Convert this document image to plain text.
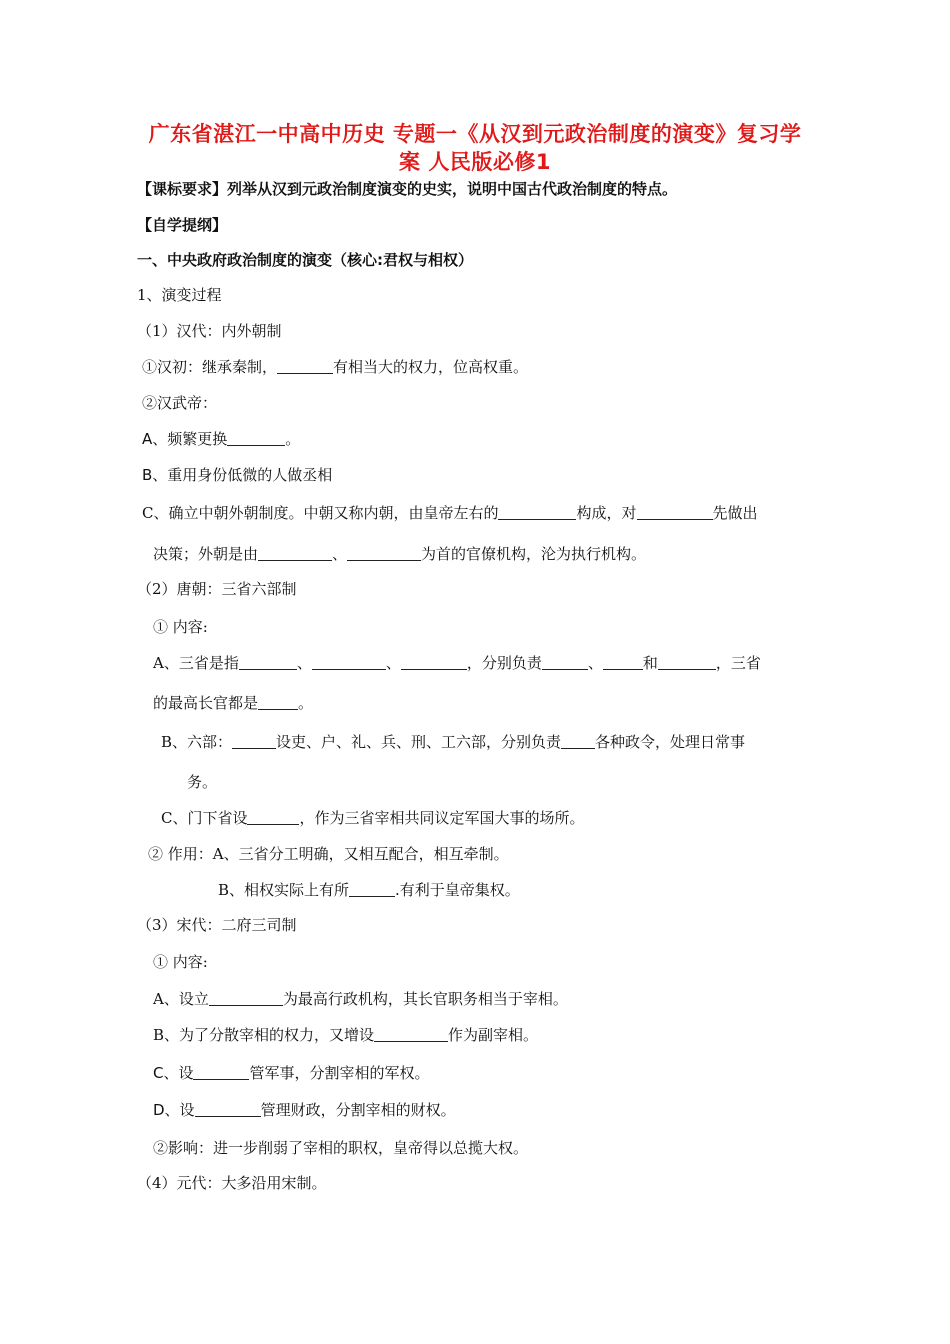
广东省湛江一中高中历史 专题一《从汉到元政治制度的演变》复习学
案 人民版必修1
【课标要求】列举从汉到元政治制度演变的史实，说明中国古代政治制度的特点。
【自学提纲】
一、中央政府政治制度的演变（核心:君权与相权）
1、演变过程
（1）汉代：内外朝制
①汉初：继承秦制，	有相当大的权力，位高权重。
②汉武帝：
A、频繁更换	。
B、重用身份低微的人做丞相
C、确立中朝外朝制度。中朝又称内朝，由皇帝左右的	构成，对	先做出
决策；外朝是由	、	为首的官僚机构，沦为执行机构。
（2）唐朝：三省六部制
① 内容:
A、三省是指	、	、	，分别负责	、	和	，三省
的最高长官都是	。
B、六部：	设吏、户、礼、兵、刑、工六部，分别负责 各种政令，处理日常事
务。
C、门下省设	，作为三省宰相共同议定军国大事的场所。
② 作用：A、三省分工明确，又相互配合，相互牵制。
B、相权实际上有所	.有利于皇帝集权。
（3）宋代：二府三司制
① 内容:
A、设立	为最高行政机构，其长官职务相当于宰相。
B、为了分散宰相的权力，又增设	作为副宰相。
C、设	管军事，分割宰相的军权。
D、设	管理财政，分割宰相的财权。
②影响：进一步削弱了宰相的职权，皇帝得以总揽大权。
（4）元代：大多沿用宋制。
